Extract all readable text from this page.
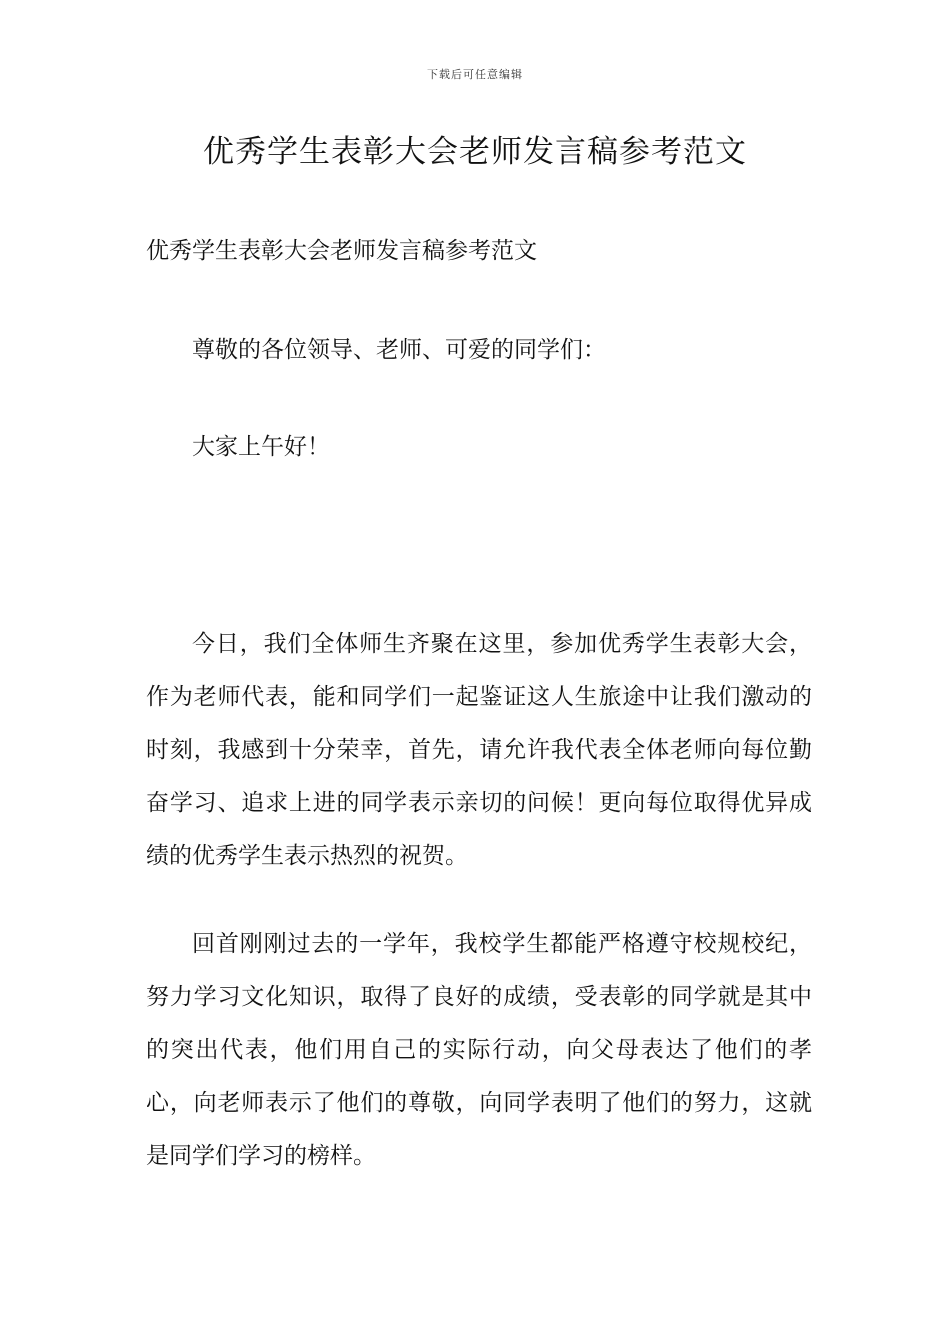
下载后可任意编辑
优秀学生表彰大会老师发言稿参考范文

优秀学生表彰大会老师发言稿参考范文

尊敬的各位领导、老师、可爱的同学们：

大家上午好！

今日，我们全体师生齐聚在这里，参加优秀学生表彰大会，作为老师代表，能和同学们一起鉴证这人生旅途中让我们激动的时刻，我感到十分荣幸，首先，请允许我代表全体老师向每位勤奋学习、追求上进的同学表示亲切的问候！更向每位取得优异成绩的优秀学生表示热烈的祝贺。

回首刚刚过去的一学年，我校学生都能严格遵守校规校纪，努力学习文化知识，取得了良好的成绩，受表彰的同学就是其中的突出代表，他们用自己的实际行动，向父母表达了他们的孝心，向老师表示了他们的尊敬，向同学表明了他们的努力，这就是同学们学习的榜样。
